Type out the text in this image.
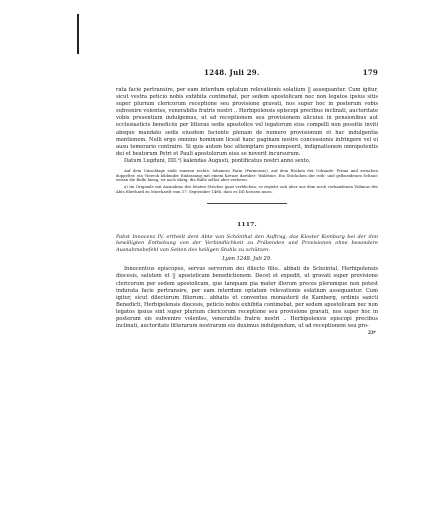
1248. Juli 29.	179

rata facie pertransire, per eam interdum optatum relevationis solatium || assequantur. Cum igitur, sicut vestra peticio nobis exhibita continebat, per sedem apostolicam nec non legatos ipsius sitis super plurium clericorum receptione seu provisione gravati, nos super hoc in posterum vobis subvenire volentes, venerabilis fratris nostri .. Herbipolensis episcopi precibus inclinati, auctoritate vobis presentium indulgemus, ut ad receptionem seu provisionem alicuius in pensionibus aut ecclesiasticis beneficiis per litteras sedis apostolice vel legatorum eius compelli non possitis inviti absque mandato sedis eiusdem faciente plenam de numero provisionum et hac indulgentia mentionem. Nulli ergo omnino hominum liceat hanc paginam nostre concessionis infringere vel ei ausu temerario contraire. Si quis autem hoc attemptare presumpserit, indignationem omnipotentis dei et beatorum Petri et Pauli apostolorum eius se noverit incursurum.

Datum Lugduni, IIII.ᵃ) kalendas Augusti, pontificatus nostri anno sexto.

Auf dem Umschlage sieht zunæsn rechts: Iohannes Parin (Parmensis), auf dem Rücken der Urkunde: Prima und zwischen doppelter, ein Viereck bildender Einfassung mit einem Kreuze darüber: Waldeme. Ein Stückchen der roth- und gelbseidenen Schnur, woran die Bulle hieng, ist noch übrig, die Bulle selbst aber verloren.

a) Im Originale mit Ausnahme des letzten Striches ganz verblichen; es ergiebt sich aber aus dem noch vorhandenen Vidimus des Abts Eberhard zu Murrhardt vom 17. September 1486, dass es IIII heissen muss.

1117.
Pabst Innocenz IV. ertheilt dem Abte von Schönthal den Auftrag, das Kloster Komburg bei der ihm bewilligten Enthebung von der Verbindlichkeit zu Präbenden und Provisionen ohne besondere Ausnahmebefehl von Seiten des heiligen Stuhls zu schützen.
Lyon 1248. Juli 29.

Innocentius episcopus, servus servorum dei dilecto filio.. abbati de Schointal, Herbipolensis diocesis, salutem et || apostolicam benedictionem. Decet et expedit, ut gravati super provisione clericorum per sedem apostolicam, que tanquam pia mater illorum preces plerumque non potest indurata facie pertransire, per eam interdum optatum relevationis solatium assequantur. Cum igitur, sicut dilectorum filiorum.. abbatis et conventus monasterii de Kamberg, ordinis sancti Benedicti, Herbipolensis diocesis, peticio nobis exhibita continebat, per sedem apostolicam nec non legatos ipsius sint super plurium clericorum receptione seu provisione gravati, nos super hoc in posterum eis subvenire volentes, venerabilis fratris nostri .. Herbipolensis episcopi precibus inclinati, auctoritate litterarum nostrarum eis duximus indulgendum, ut ad receptionem seu pro-

23*
